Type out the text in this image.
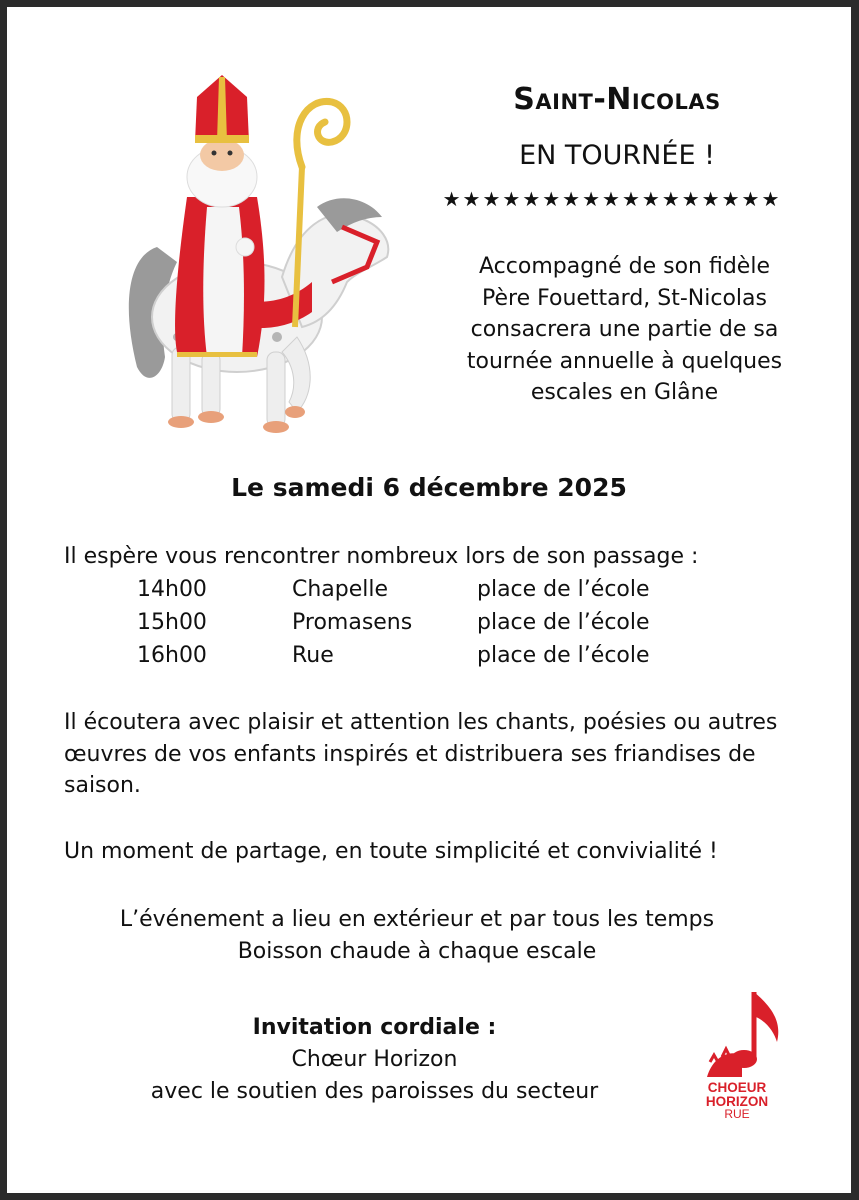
Saint-Nicolas
EN TOURNÉE !
★★★★★★★★★★★★★★★★★
Accompagné de son fidèle Père Fouettard, St-Nicolas consacrera une partie de sa tournée annuelle à quelques escales en Glâne
Le samedi 6 décembre 2025
Il espère vous rencontrer nombreux lors de son passage :
14h00	Chapelle	place de l’école
15h00	Promasens	place de l’école
16h00	Rue	place de l’école
Il écoutera avec plaisir et attention les chants, poésies ou autres œuvres de vos enfants inspirés et distribuera ses friandises de saison.
Un moment de partage, en toute simplicité et convivialité !
L’événement a lieu en extérieur et par tous les temps
Boisson chaude à chaque escale
Invitation cordiale :
Chœur Horizon
avec le soutien des paroisses du secteur	CHOEUR
HORIZON
RUE
